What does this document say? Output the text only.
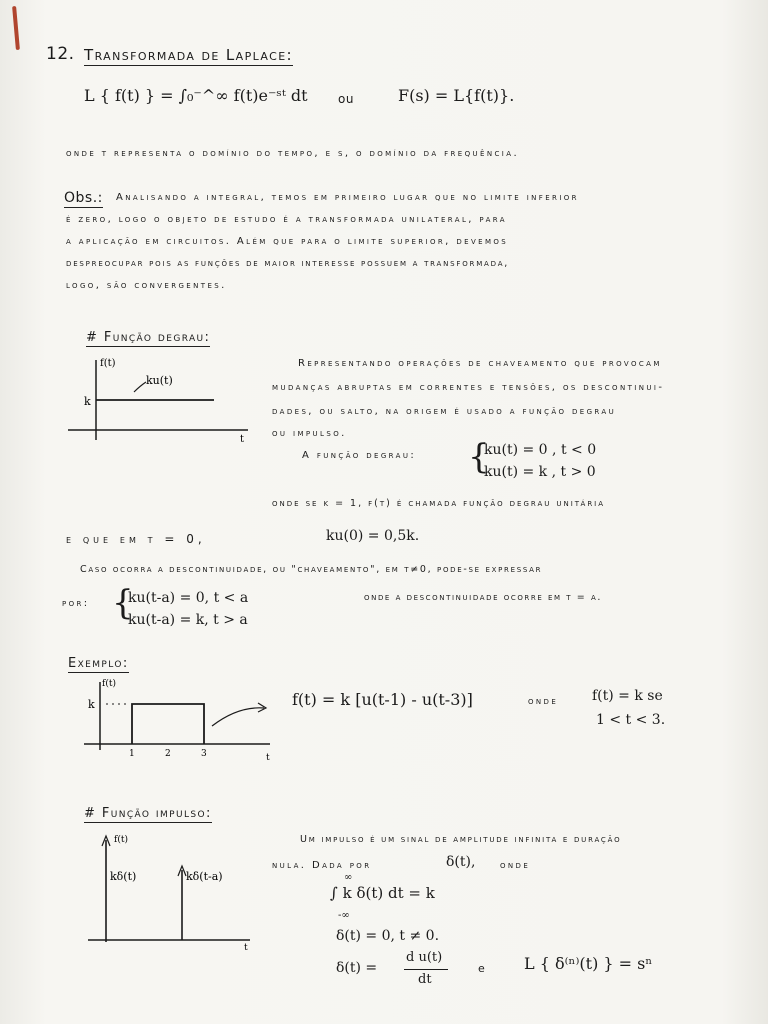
12. Transformada de Laplace:
L { f(t) } = ∫₀⁻^∞ f(t)e⁻ˢᵗ dt	ou	F(s) = L{f(t)}.
onde t representa o domínio do tempo, e s, o domínio da frequência.
Obs.: Analisando a integral, temos em primeiro lugar que no limite inferior
é zero, logo o objeto de estudo é a transformada unilateral, para
a aplicação em circuitos. Além que para o limite superior, devemos
despreocupar pois as funções de maior interesse possuem a transformada,
logo, são convergentes.
# Função degrau:
f(t)
ku(t)
k
t
Representando operações de chaveamento que provocam
mudanças abruptas em correntes e tensões, os descontinui-
dades, ou salto, na origem é usado a função degrau
ou impulso.
A função degrau: {
ku(t) = 0 , t < 0
ku(t) = k , t > 0
onde se k = 1, f(t) é chamada função degrau unitária
e que em t = 0,	ku(0) = 0,5k.
Caso ocorra a descontinuidade, ou "chaveamento", em t≠0, pode-se expressar
por: {
ku(t-a) = 0, t < a
ku(t-a) = k, t > a
onde a descontinuidade ocorre em t = a.
Exemplo:
f(t)
k
1	2	3	t
f(t) = k [u(t-1) - u(t-3)]	onde f(t) = k se
1 < t < 3.
# Função impulso:
f(t)
kδ(t)	kδ(t-a)
t
Um impulso é um sinal de amplitude infinita e duração
nula. Dada por	δ(t), onde
∞
∫ k δ(t) dt = k
-∞
δ(t) = 0, t ≠ 0.
δ(t) =
d u(t)
dt
e L { δ⁽ⁿ⁾(t) } = sⁿ
